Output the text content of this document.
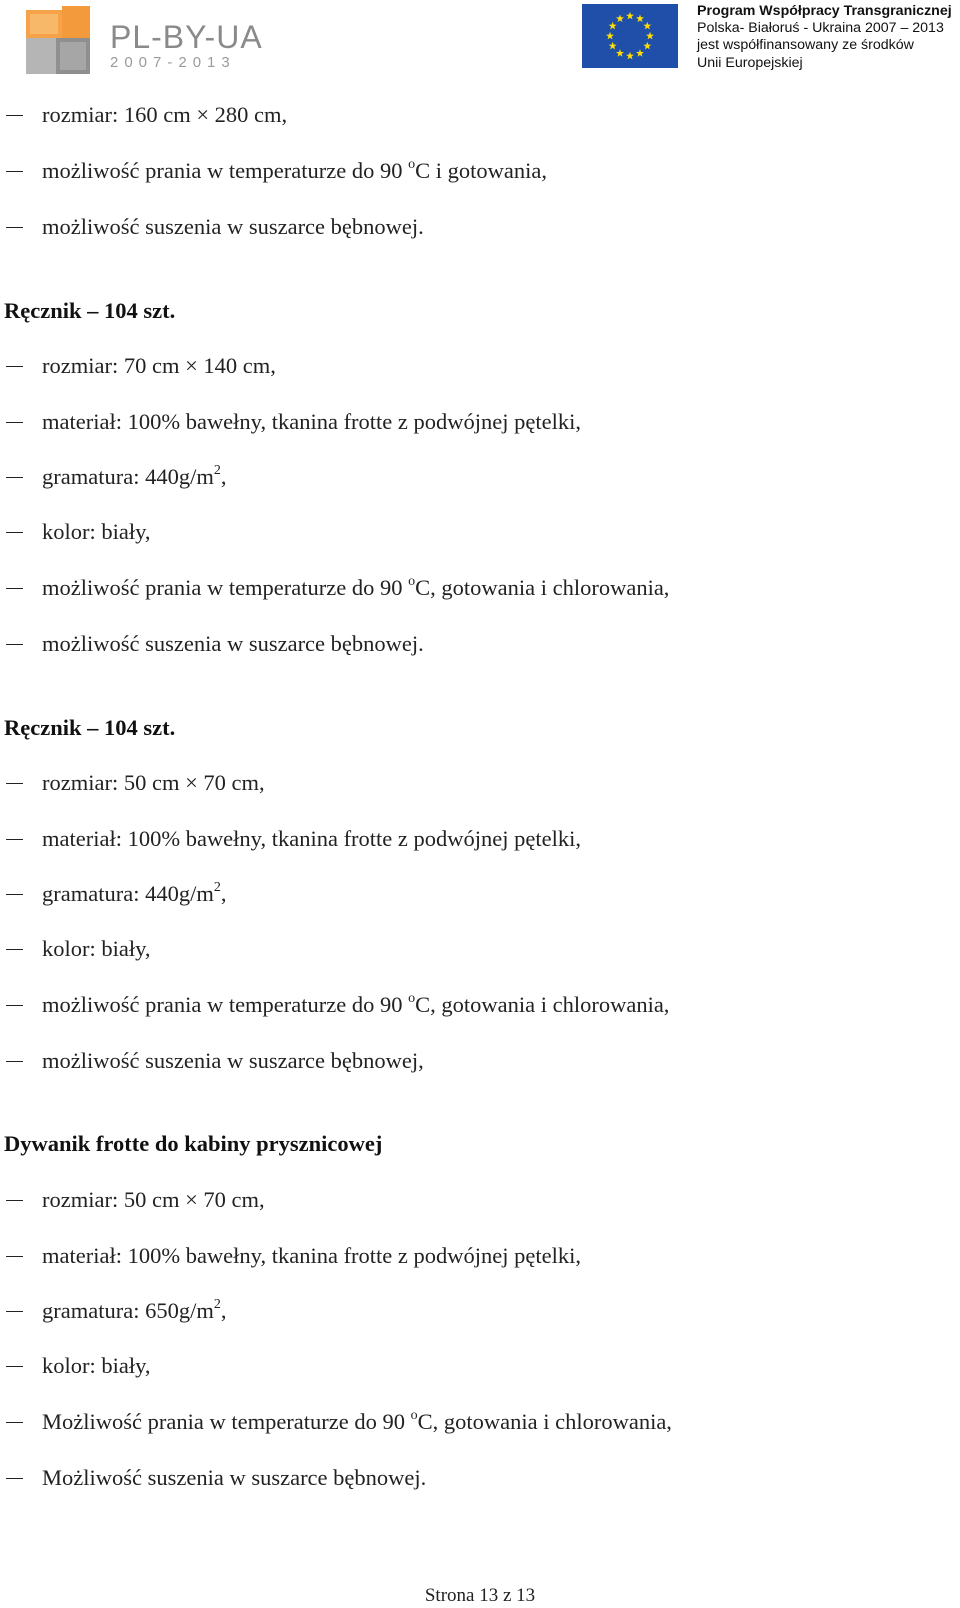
PL-BY-UA
2007-2013
Program Współpracy Transgranicznej
Polska- Białoruś - Ukraina 2007 – 2013
jest współfinansowany ze środków
Unii Europejskiej
rozmiar: 160 cm × 280 cm,
możliwość prania w temperaturze do 90 $^o$C i gotowania,
możliwość suszenia w suszarce bębnowej.
Ręcznik – 104 szt.
rozmiar: 70 cm × 140 cm,
materiał: 100% bawełny, tkanina frotte z podwójnej pętelki,
gramatura: $440g/m^2$,
kolor: biały,
możliwość prania w temperaturze do 90 $^o$C, gotowania i chlorowania,
możliwość suszenia w suszarce bębnowej.
Ręcznik – 104 szt.
rozmiar: 50 cm × 70 cm,
materiał: 100% bawełny, tkanina frotte z podwójnej pętelki,
gramatura: $440g/m^2$,
kolor: biały,
możliwość prania w temperaturze do 90 $^o$C, gotowania i chlorowania,
możliwość suszenia w suszarce bębnowej,
Dywanik frotte do kabiny prysznicowej
rozmiar: 50 cm × 70 cm,
materiał: 100% bawełny, tkanina frotte z podwójnej pętelki,
gramatura: $650g/m^2$,
kolor: biały,
Możliwość prania w temperaturze do 90 $^o$C, gotowania i chlorowania,
Możliwość suszenia w suszarce bębnowej.
Strona 13 z 13
